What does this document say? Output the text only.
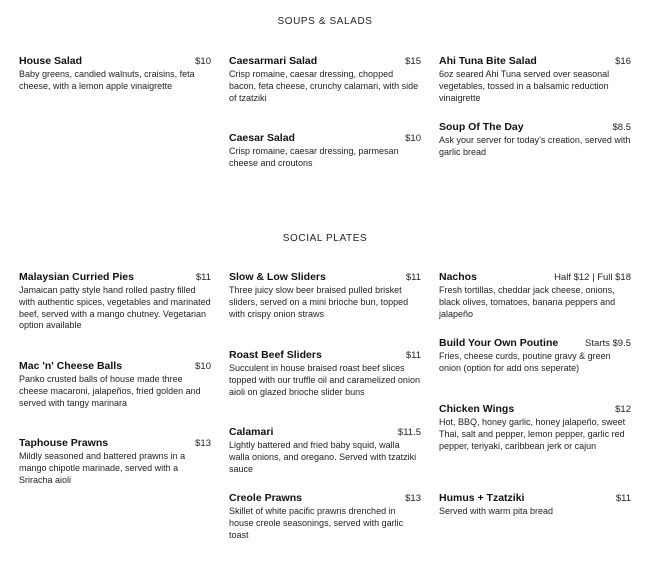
SOUPS & SALADS
House Salad	$10
Baby greens, candied walnuts, craisins, feta cheese, with a lemon apple vinaigrette
Caesarmari Salad	$15
Crisp romaine, caesar dressing, chopped bacon, feta cheese, crunchy calamari, with side of tzatziki
Caesar Salad	$10
Crisp romaine, caesar dressing, parmesan cheese and croutons
Ahi Tuna Bite Salad	$16
6oz seared Ahi Tuna served over seasonal vegetables, tossed in a balsamic reduction vinaigrette
Soup Of The Day	$8.5
Ask your server for today’s creation, served with garlic bread
SOCIAL PLATES
Malaysian Curried Pies	$11
Jamaican patty style hand rolled pastry filled with authentic spices, vegetables and marinated beef, served with a mango chutney. Vegetarian option available
Mac 'n' Cheese Balls	$10
Panko crusted balls of house made three cheese macaroni, jalapeños, fried golden and served with tangy marinara
Taphouse Prawns	$13
Mildly seasoned and battered prawns in a mango chipotle marinade, served with a Sriracha aioli
Slow & Low Sliders	$11
Three juicy slow beer braised pulled brisket sliders, served on a mini brioche bun, topped with crispy onion straws
Roast Beef Sliders	$11
Succulent in house braised roast beef slices topped with our truffle oil and caramelized onion aioli on glazed brioche slider buns
Calamari	$11.5
Lightly battered and fried baby squid, walla walla onions, and oregano. Served with tzatziki sauce
Creole Prawns	$13
Skillet of white pacific prawns drenched in house creole seasonings, served with garlic toast
Nachos	Half $12 | Full $18
Fresh tortillas, cheddar jack cheese, onions, black olives, tomatoes, banana peppers and jalapeño
Build Your Own Poutine	Starts $9.5
Fries, cheese curds, poutine gravy & green onion (option for add ons seperate)
Chicken Wings	$12
Hot, BBQ, honey garlic, honey jalapeño, sweet Thai, salt and pepper, lemon pepper, garlic red pepper, teriyaki, caribbean jerk or cajun
Humus + Tzatziki	$11
Served with warm pita bread
